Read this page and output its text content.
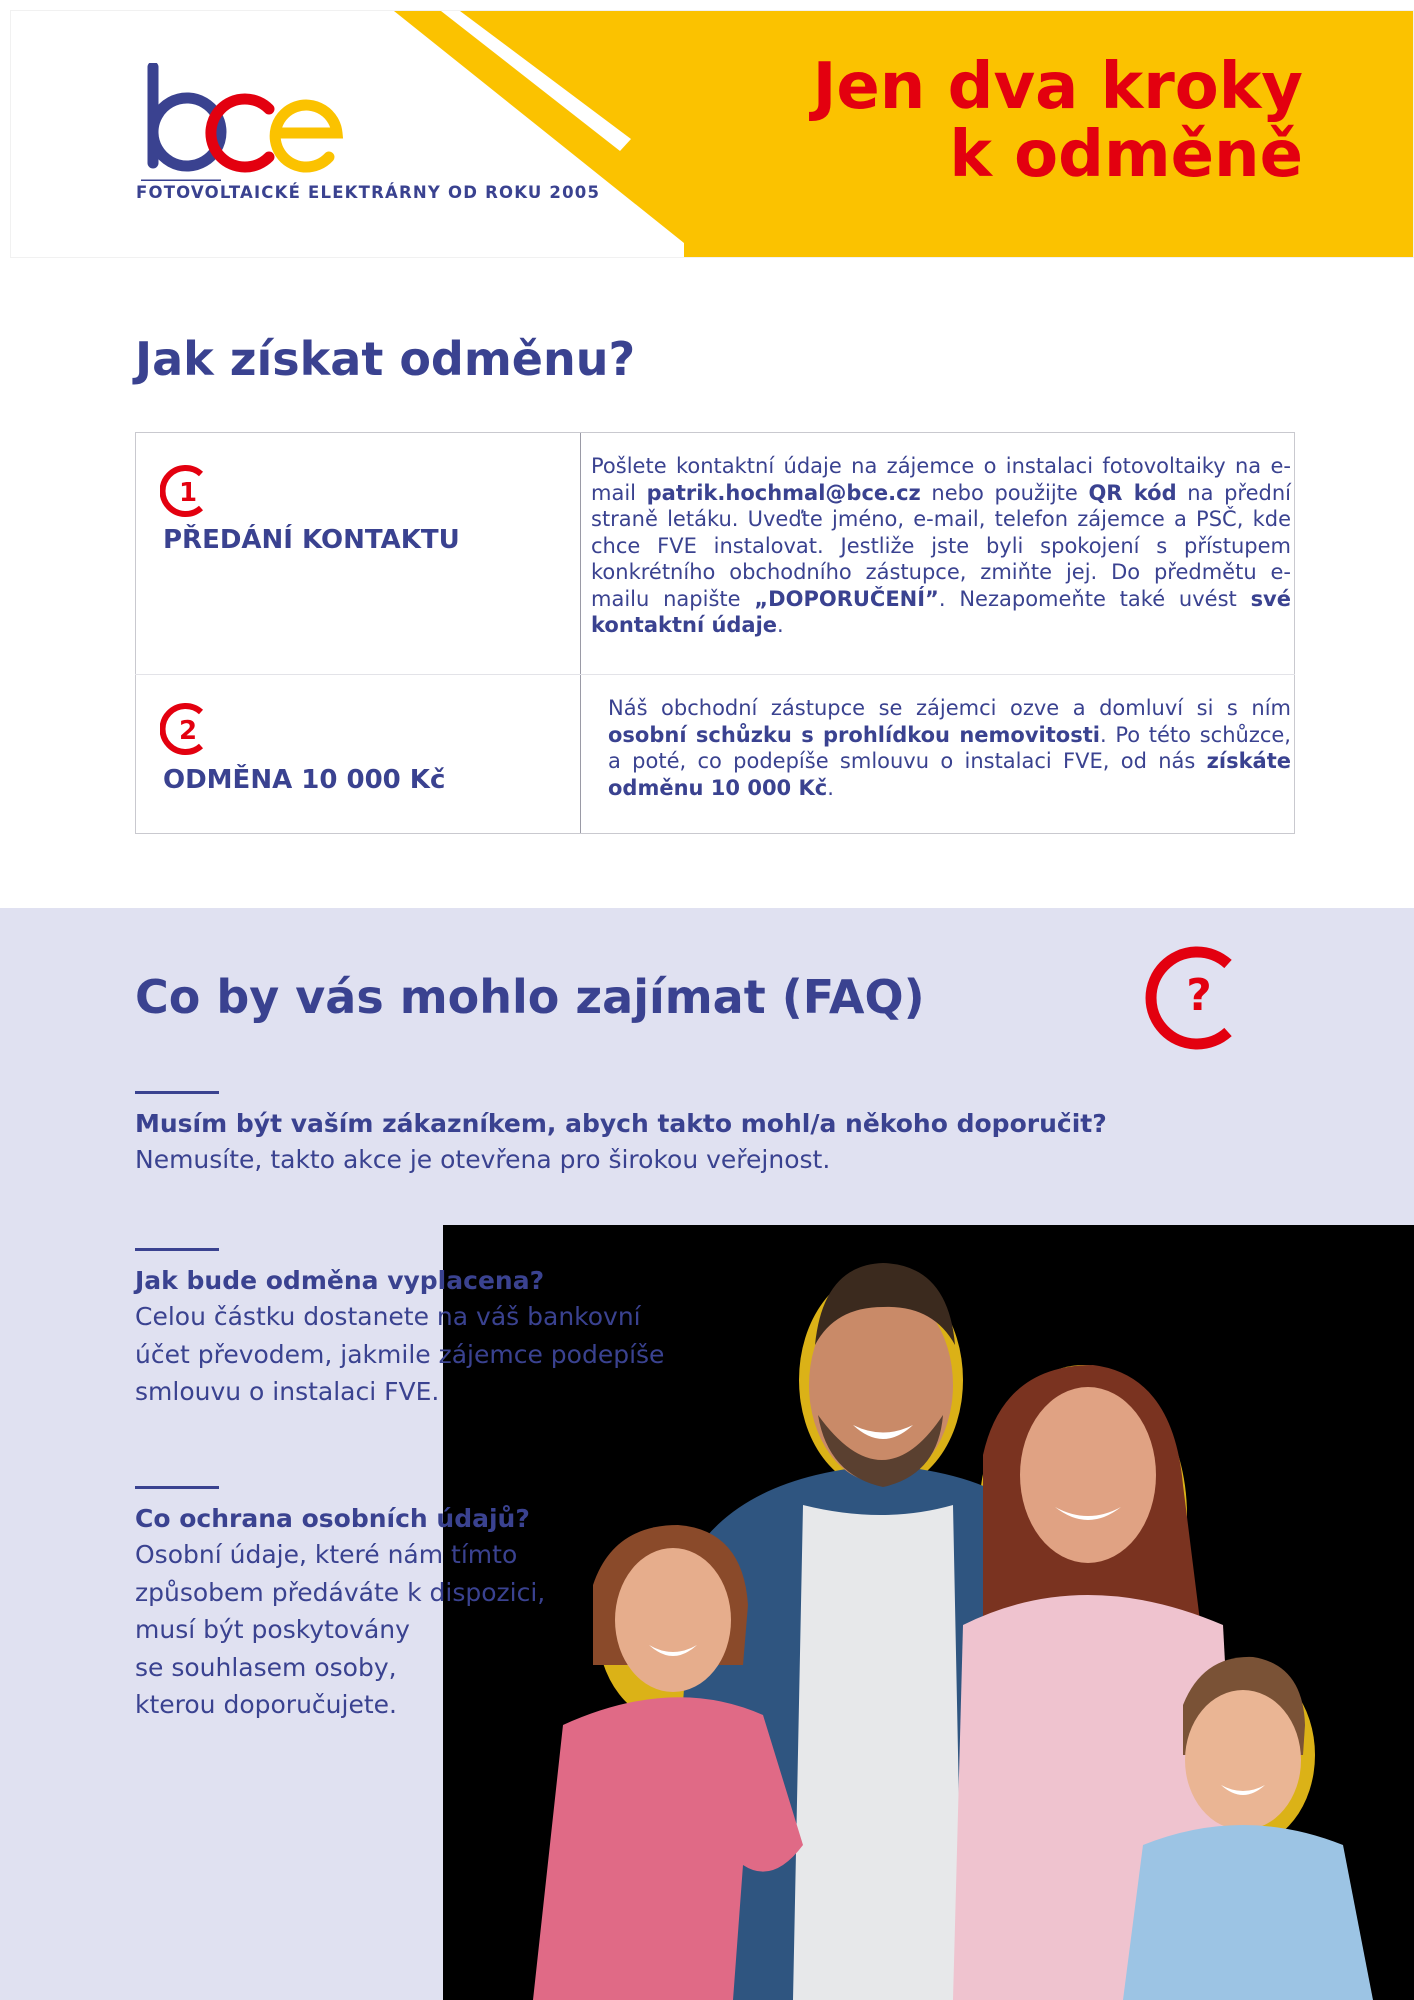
FOTOVOLTAICKÉ ELEKTRÁRNY OD ROKU 2005
Jen dva kroky
k odměně
Jak získat odměnu?
1
PŘEDÁNÍ KONTAKTU
Pošlete kontaktní údaje na zájemce o instalaci fotovoltaiky na e-mail patrik.hochmal@bce.cz nebo použijte QR kód na přední straně letáku. Uveďte jméno, e-mail, telefon zájemce a PSČ, kde chce FVE instalovat. Jestliže jste byli spokojení s přístupem konkrétního obchodního zástupce, zmiňte jej. Do předmětu e-mailu napište „DOPORUČENÍ”. Nezapomeňte také uvést své kontaktní údaje.
2
ODMĚNA 10 000 Kč
Náš obchodní zástupce se zájemci ozve a domluví si s ním osobní schůzku s prohlídkou nemovitosti. Po této schůzce, a poté, co podepíše smlouvu o instalaci FVE, od nás získáte odměnu 10 000 Kč.
Co by vás mohlo zajímat (FAQ)	?
Musím být vaším zákazníkem, abych takto mohl/a někoho doporučit?
Nemusíte, takto akce je otevřena pro širokou veřejnost.
Jak bude odměna vyplacena?
Celou částku dostanete na váš bankovní
účet převodem, jakmile zájemce podepíše
smlouvu o instalaci FVE.
Co ochrana osobních údajů?
Osobní údaje, které nám tímto
způsobem předáváte k dispozici,
musí být poskytovány
se souhlasem osoby,
kterou doporučujete.
